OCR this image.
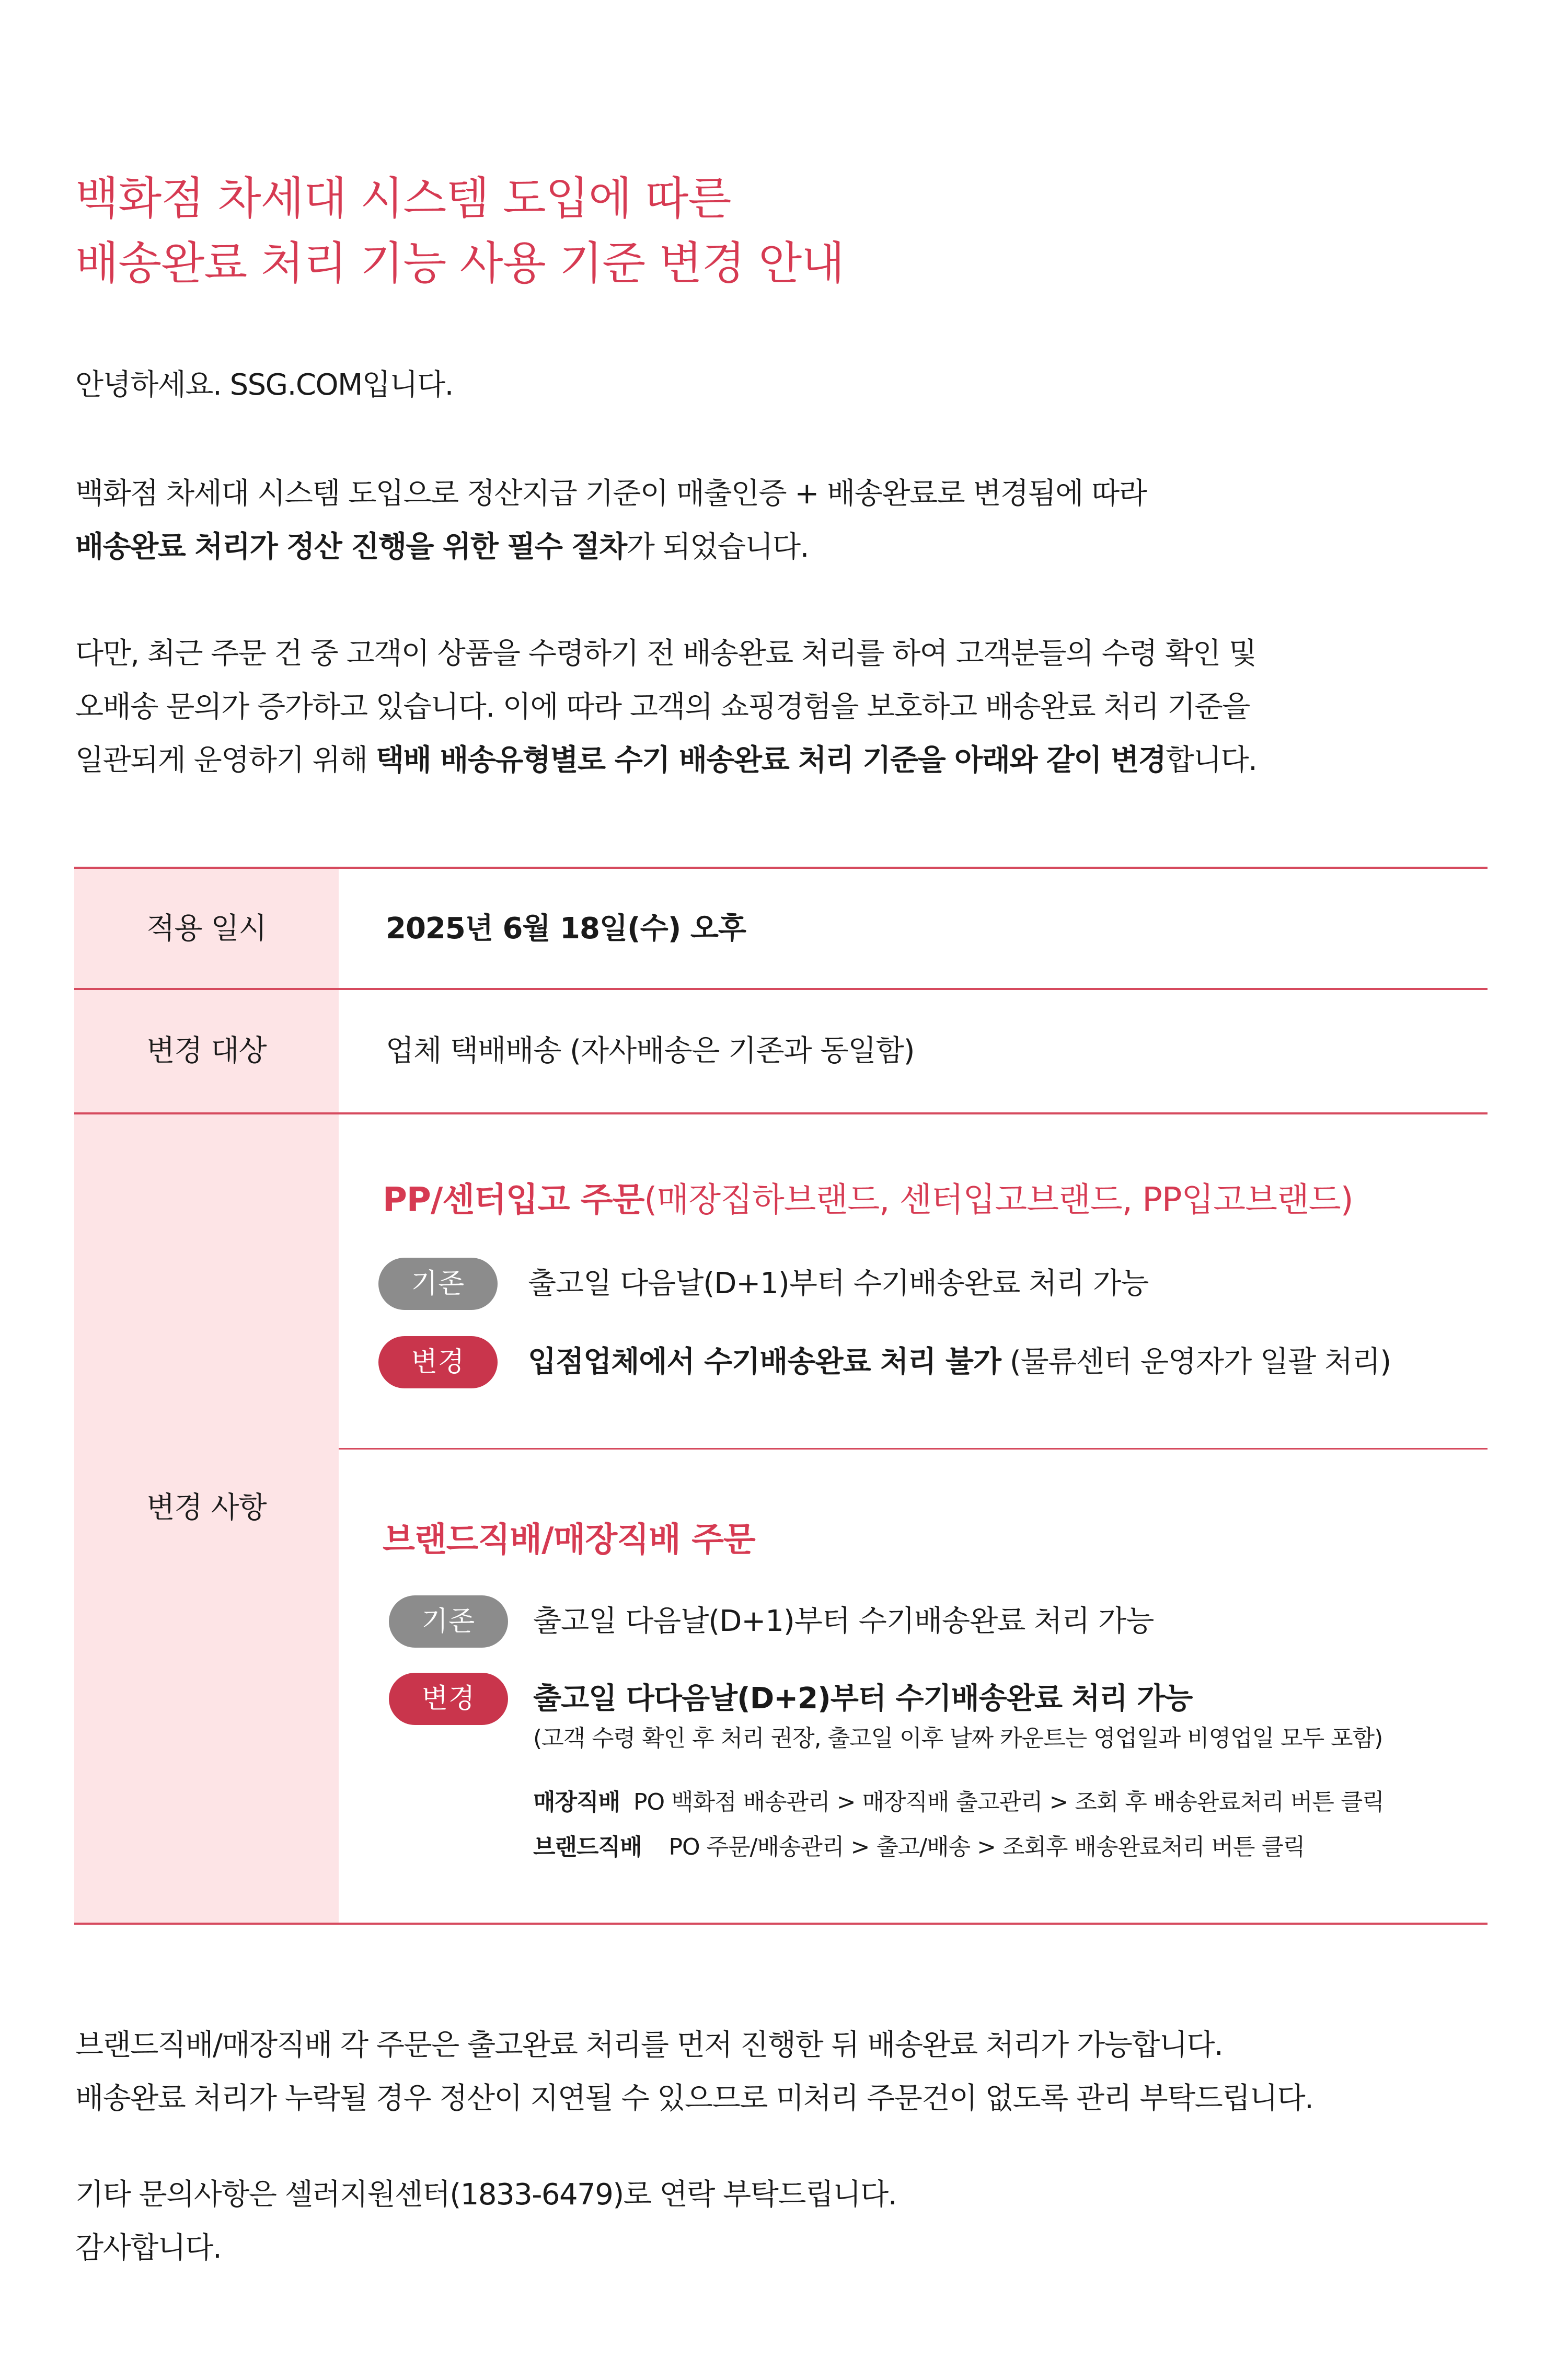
백화점 차세대 시스템 도입에 따른
배송완료 처리 기능 사용 기준 변경 안내
안녕하세요. SSG.COM입니다.
백화점 차세대 시스템 도입으로 정산지급 기준이 매출인증 + 배송완료로 변경됨에 따라
배송완료 처리가 정산 진행을 위한 필수 절차가 되었습니다.
다만, 최근 주문 건 중 고객이 상품을 수령하기 전 배송완료 처리를 하여 고객분들의 수령 확인 및
오배송 문의가 증가하고 있습니다. 이에 따라 고객의 쇼핑경험을 보호하고 배송완료 처리 기준을
일관되게 운영하기 위해 택배 배송유형별로 수기 배송완료 처리 기준을 아래와 같이 변경합니다.
적용 일시	2025년 6월 18일(수) 오후
변경 대상	업체 택배배송 (자사배송은 기존과 동일함)
변경 사항
PP/센터입고 주문(매장집하브랜드, 센터입고브랜드, PP입고브랜드)
기존	출고일 다음날(D+1)부터 수기배송완료 처리 가능
변경	입점업체에서 수기배송완료 처리 불가 (물류센터 운영자가 일괄 처리)
브랜드직배/매장직배 주문
기존	출고일 다음날(D+1)부터 수기배송완료 처리 가능
변경	출고일 다다음날(D+2)부터 수기배송완료 처리 가능
(고객 수령 확인 후 처리 권장, 출고일 이후 날짜 카운트는 영업일과 비영업일 모두 포함)
매장직배 PO 백화점 배송관리 > 매장직배 출고관리 > 조회 후 배송완료처리 버튼 클릭
브랜드직배 PO 주문/배송관리 > 출고/배송 > 조회후 배송완료처리 버튼 클릭
브랜드직배/매장직배 각 주문은 출고완료 처리를 먼저 진행한 뒤 배송완료 처리가 가능합니다.
배송완료 처리가 누락될 경우 정산이 지연될 수 있으므로 미처리 주문건이 없도록 관리 부탁드립니다.
기타 문의사항은 셀러지원센터(1833-6479)로 연락 부탁드립니다.
감사합니다.
